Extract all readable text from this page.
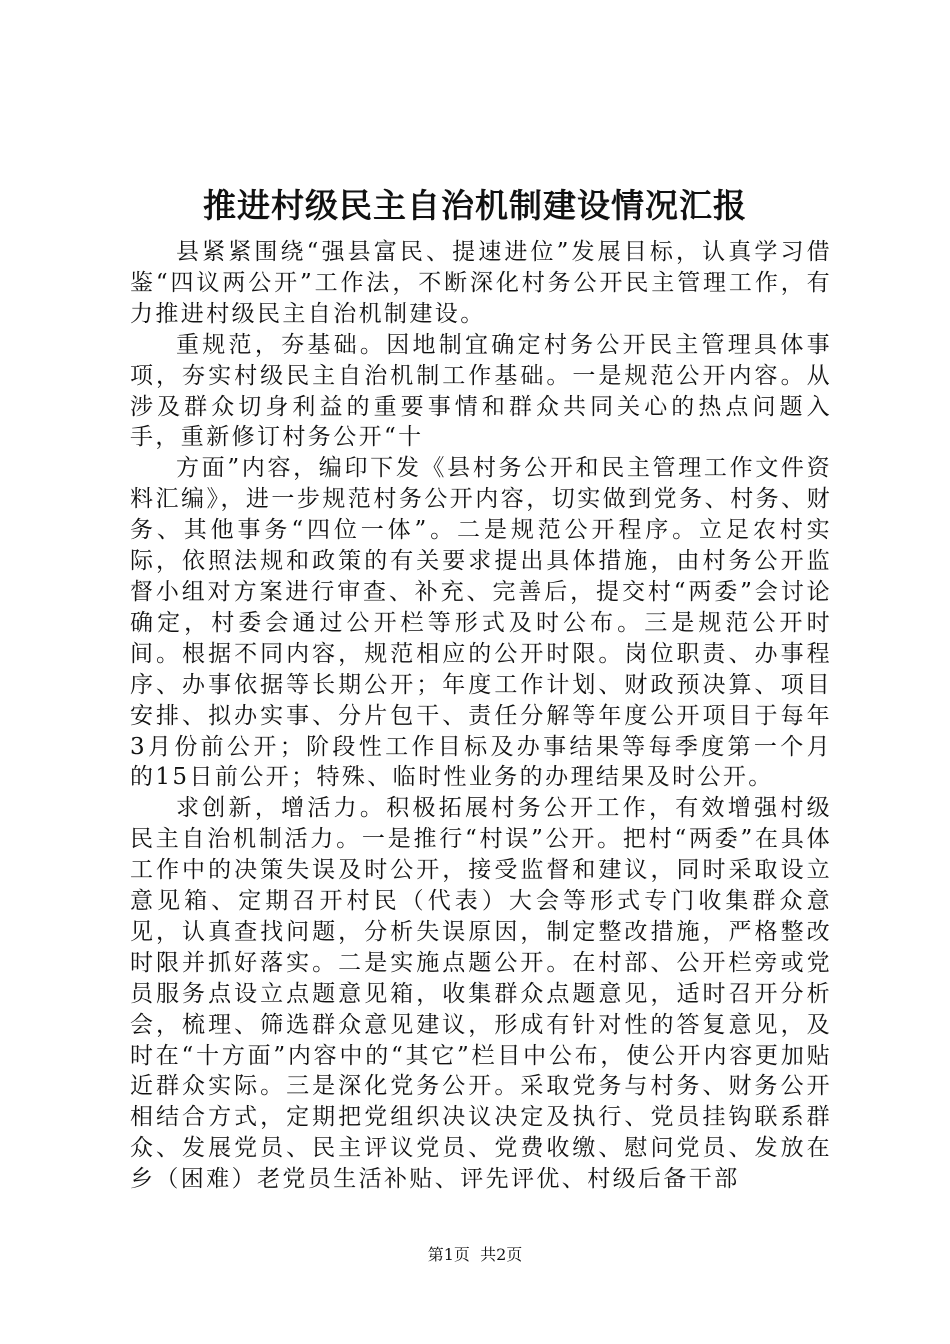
推进村级民主自治机制建设情况汇报

县紧紧围绕“强县富民、提速进位”发展目标，认真学习借鉴“四议两公开”工作法，不断深化村务公开民主管理工作，有力推进村级民主自治机制建设。

重规范，夯基础。因地制宜确定村务公开民主管理具体事项，夯实村级民主自治机制工作基础。一是规范公开内容。从涉及群众切身利益的重要事情和群众共同关心的热点问题入手，重新修订村务公开“十

方面”内容，编印下发《县村务公开和民主管理工作文件资料汇编》，进一步规范村务公开内容，切实做到党务、村务、财务、其他事务“四位一体”。二是规范公开程序。立足农村实际，依照法规和政策的有关要求提出具体措施，由村务公开监督小组对方案进行审查、补充、完善后，提交村“两委”会讨论确定，村委会通过公开栏等形式及时公布。三是规范公开时间。根据不同内容，规范相应的公开时限。岗位职责、办事程序、办事依据等长期公开；年度工作计划、财政预决算、项目安排、拟办实事、分片包干、责任分解等年度公开项目于每年3月份前公开；阶段性工作目标及办事结果等每季度第一个月的15日前公开；特殊、临时性业务的办理结果及时公开。

求创新，增活力。积极拓展村务公开工作，有效增强村级民主自治机制活力。一是推行“村误”公开。把村“两委”在具体工作中的决策失误及时公开，接受监督和建议，同时采取设立意见箱、定期召开村民（代表）大会等形式专门收集群众意见，认真查找问题，分析失误原因，制定整改措施，严格整改时限并抓好落实。二是实施点题公开。在村部、公开栏旁或党员服务点设立点题意见箱，收集群众点题意见，适时召开分析会，梳理、筛选群众意见建议，形成有针对性的答复意见，及时在“十方面”内容中的“其它”栏目中公布，使公开内容更加贴近群众实际。三是深化党务公开。采取党务与村务、财务公开相结合方式，定期把党组织决议决定及执行、党员挂钩联系群众、发展党员、民主评议党员、党费收缴、慰问党员、发放在乡（困难）老党员生活补贴、评先评优、村级后备干部

第1页 共2页
